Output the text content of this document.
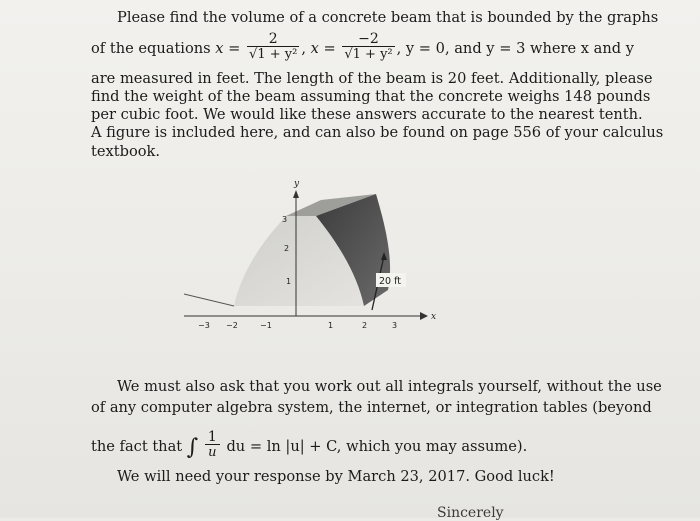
Please find the volume of a concrete beam that is bounded by the graphs
of the equations $x = \frac{2}{\text{√1 + y²}}$ , $x = \frac{-2}{\text{√1 + y²}}$ , y = 0, and y = 3 where x and y
are measured in feet. The length of the beam is 20 feet. Additionally, please
find the weight of the beam assuming that the concrete weighs 148 pounds
per cubic foot. We would like these answers accurate to the nearest tenth.
A figure is included here, and can also be found on page 556 of your calculus
textbook.
20 ft
y
x
3
2
1
−3 −2	−1	1	2	3
We must also ask that you work out all integrals yourself, without the use
of any computer algebra system, the internet, or integration tables (beyond
the fact that ∫ $\frac{1}{u}$ du = ln |u| + C, which you may assume).
We will need your response by March 23, 2017. Good luck!
Sincerely
